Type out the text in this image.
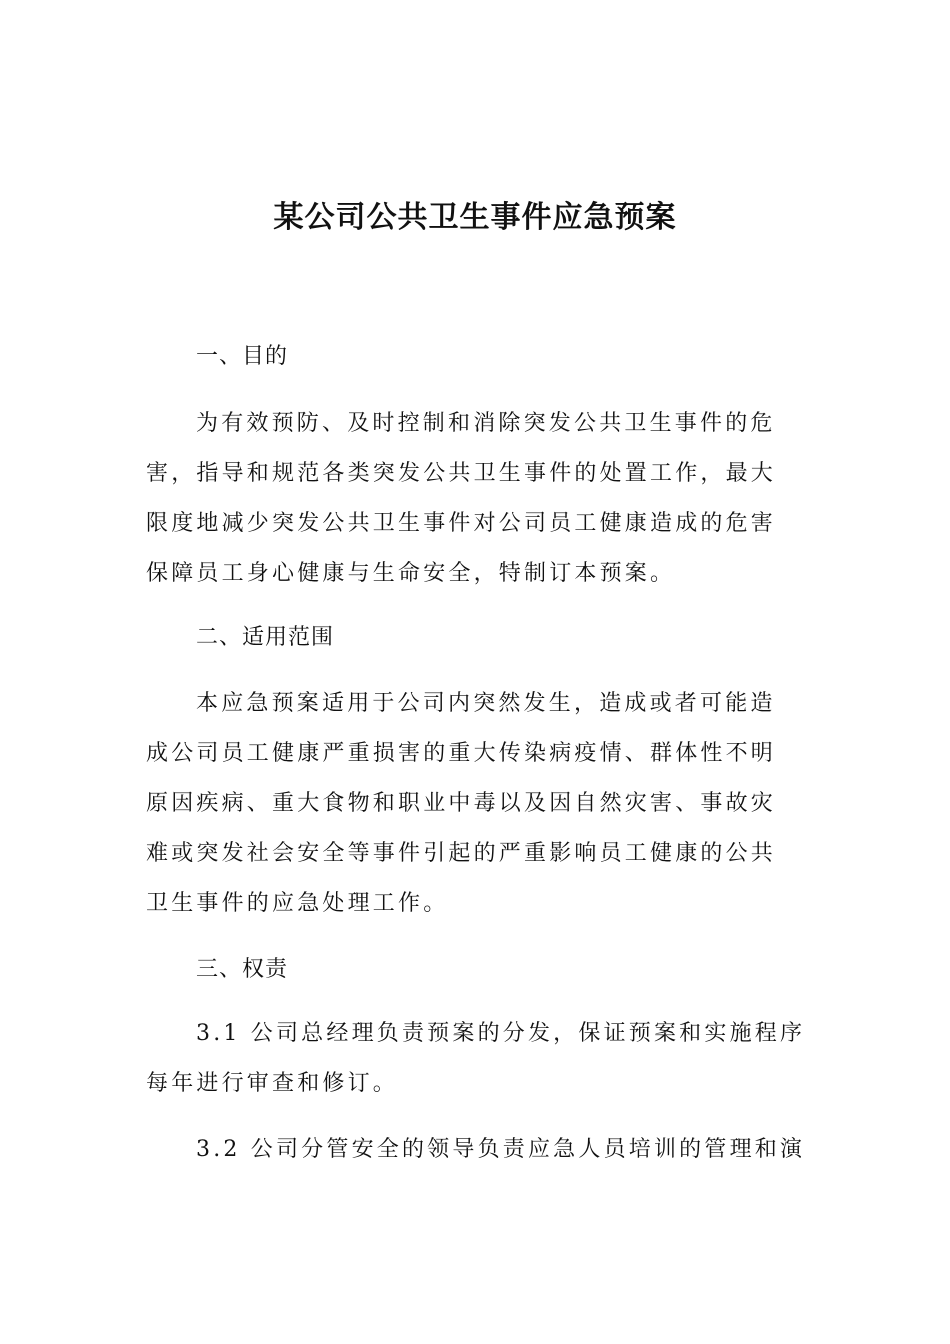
某公司公共卫生事件应急预案
一、目的

为有效预防、及时控制和消除突发公共卫生事件的危

害，指导和规范各类突发公共卫生事件的处置工作，最大

限度地减少突发公共卫生事件对公司员工健康造成的危害

保障员工身心健康与生命安全，特制订本预案。

二、适用范围

本应急预案适用于公司内突然发生，造成或者可能造

成公司员工健康严重损害的重大传染病疫情、群体性不明

原因疾病、重大食物和职业中毒以及因自然灾害、事故灾

难或突发社会安全等事件引起的严重影响员工健康的公共

卫生事件的应急处理工作。

三、权责

3.1 公司总经理负责预案的分发，保证预案和实施程序

每年进行审查和修订。

3.2 公司分管安全的领导负责应急人员培训的管理和演
